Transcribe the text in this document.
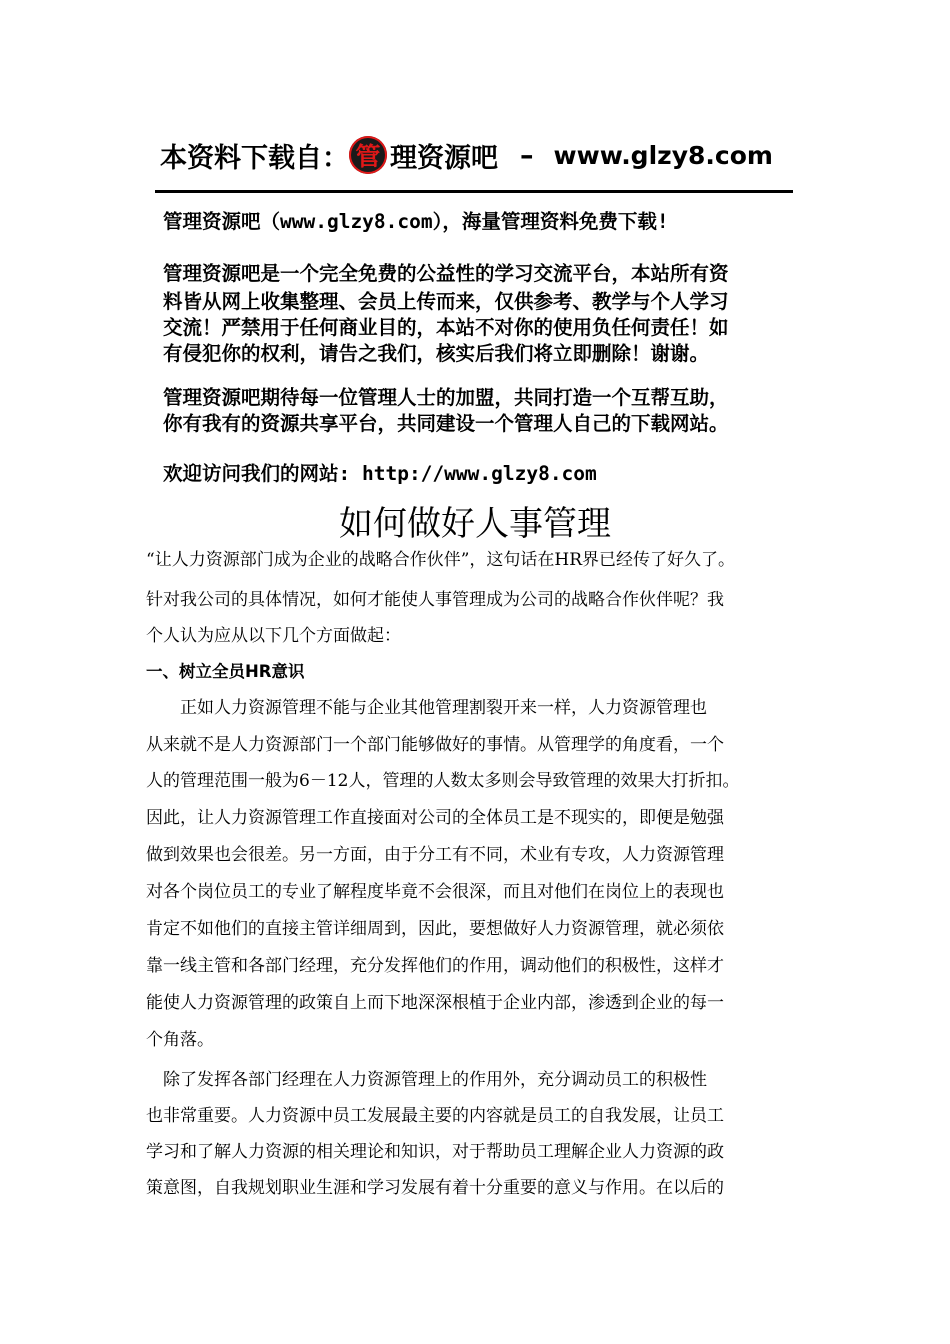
本资料下载自： 管 理资源吧 – www.glzy8.com
管理资源吧（www.glzy8.com），海量管理资料免费下载!
管理资源吧是一个完全免费的公益性的学习交流平台，本站所有资
料皆从网上收集整理、会员上传而来，仅供参考、教学与个人学习
交流！严禁用于任何商业目的，本站不对你的使用负任何责任！如
有侵犯你的权利，请告之我们，核实后我们将立即删除！谢谢。
管理资源吧期待每一位管理人士的加盟，共同打造一个互帮互助，
你有我有的资源共享平台，共同建设一个管理人自己的下载网站。
欢迎访问我们的网站: http://www.glzy8.com
如何做好人事管理
“让人力资源部门成为企业的战略合作伙伴”，这句话在HR界已经传了好久了。
针对我公司的具体情况，如何才能使人事管理成为公司的战略合作伙伴呢？我
个人认为应从以下几个方面做起：
一、树立全员HR意识
　　正如人力资源管理不能与企业其他管理割裂开来一样，人力资源管理也
从来就不是人力资源部门一个部门能够做好的事情。从管理学的角度看，一个
人的管理范围一般为6－12人，管理的人数太多则会导致管理的效果大打折扣。
因此，让人力资源管理工作直接面对公司的全体员工是不现实的，即便是勉强
做到效果也会很差。另一方面，由于分工有不同，术业有专攻，人力资源管理
对各个岗位员工的专业了解程度毕竟不会很深，而且对他们在岗位上的表现也
肯定不如他们的直接主管详细周到，因此，要想做好人力资源管理，就必须依
靠一线主管和各部门经理，充分发挥他们的作用，调动他们的积极性，这样才
能使人力资源管理的政策自上而下地深深根植于企业内部，渗透到企业的每一
个角落。
　除了发挥各部门经理在人力资源管理上的作用外，充分调动员工的积极性
也非常重要。人力资源中员工发展最主要的内容就是员工的自我发展，让员工
学习和了解人力资源的相关理论和知识，对于帮助员工理解企业人力资源的政
策意图，自我规划职业生涯和学习发展有着十分重要的意义与作用。在以后的
